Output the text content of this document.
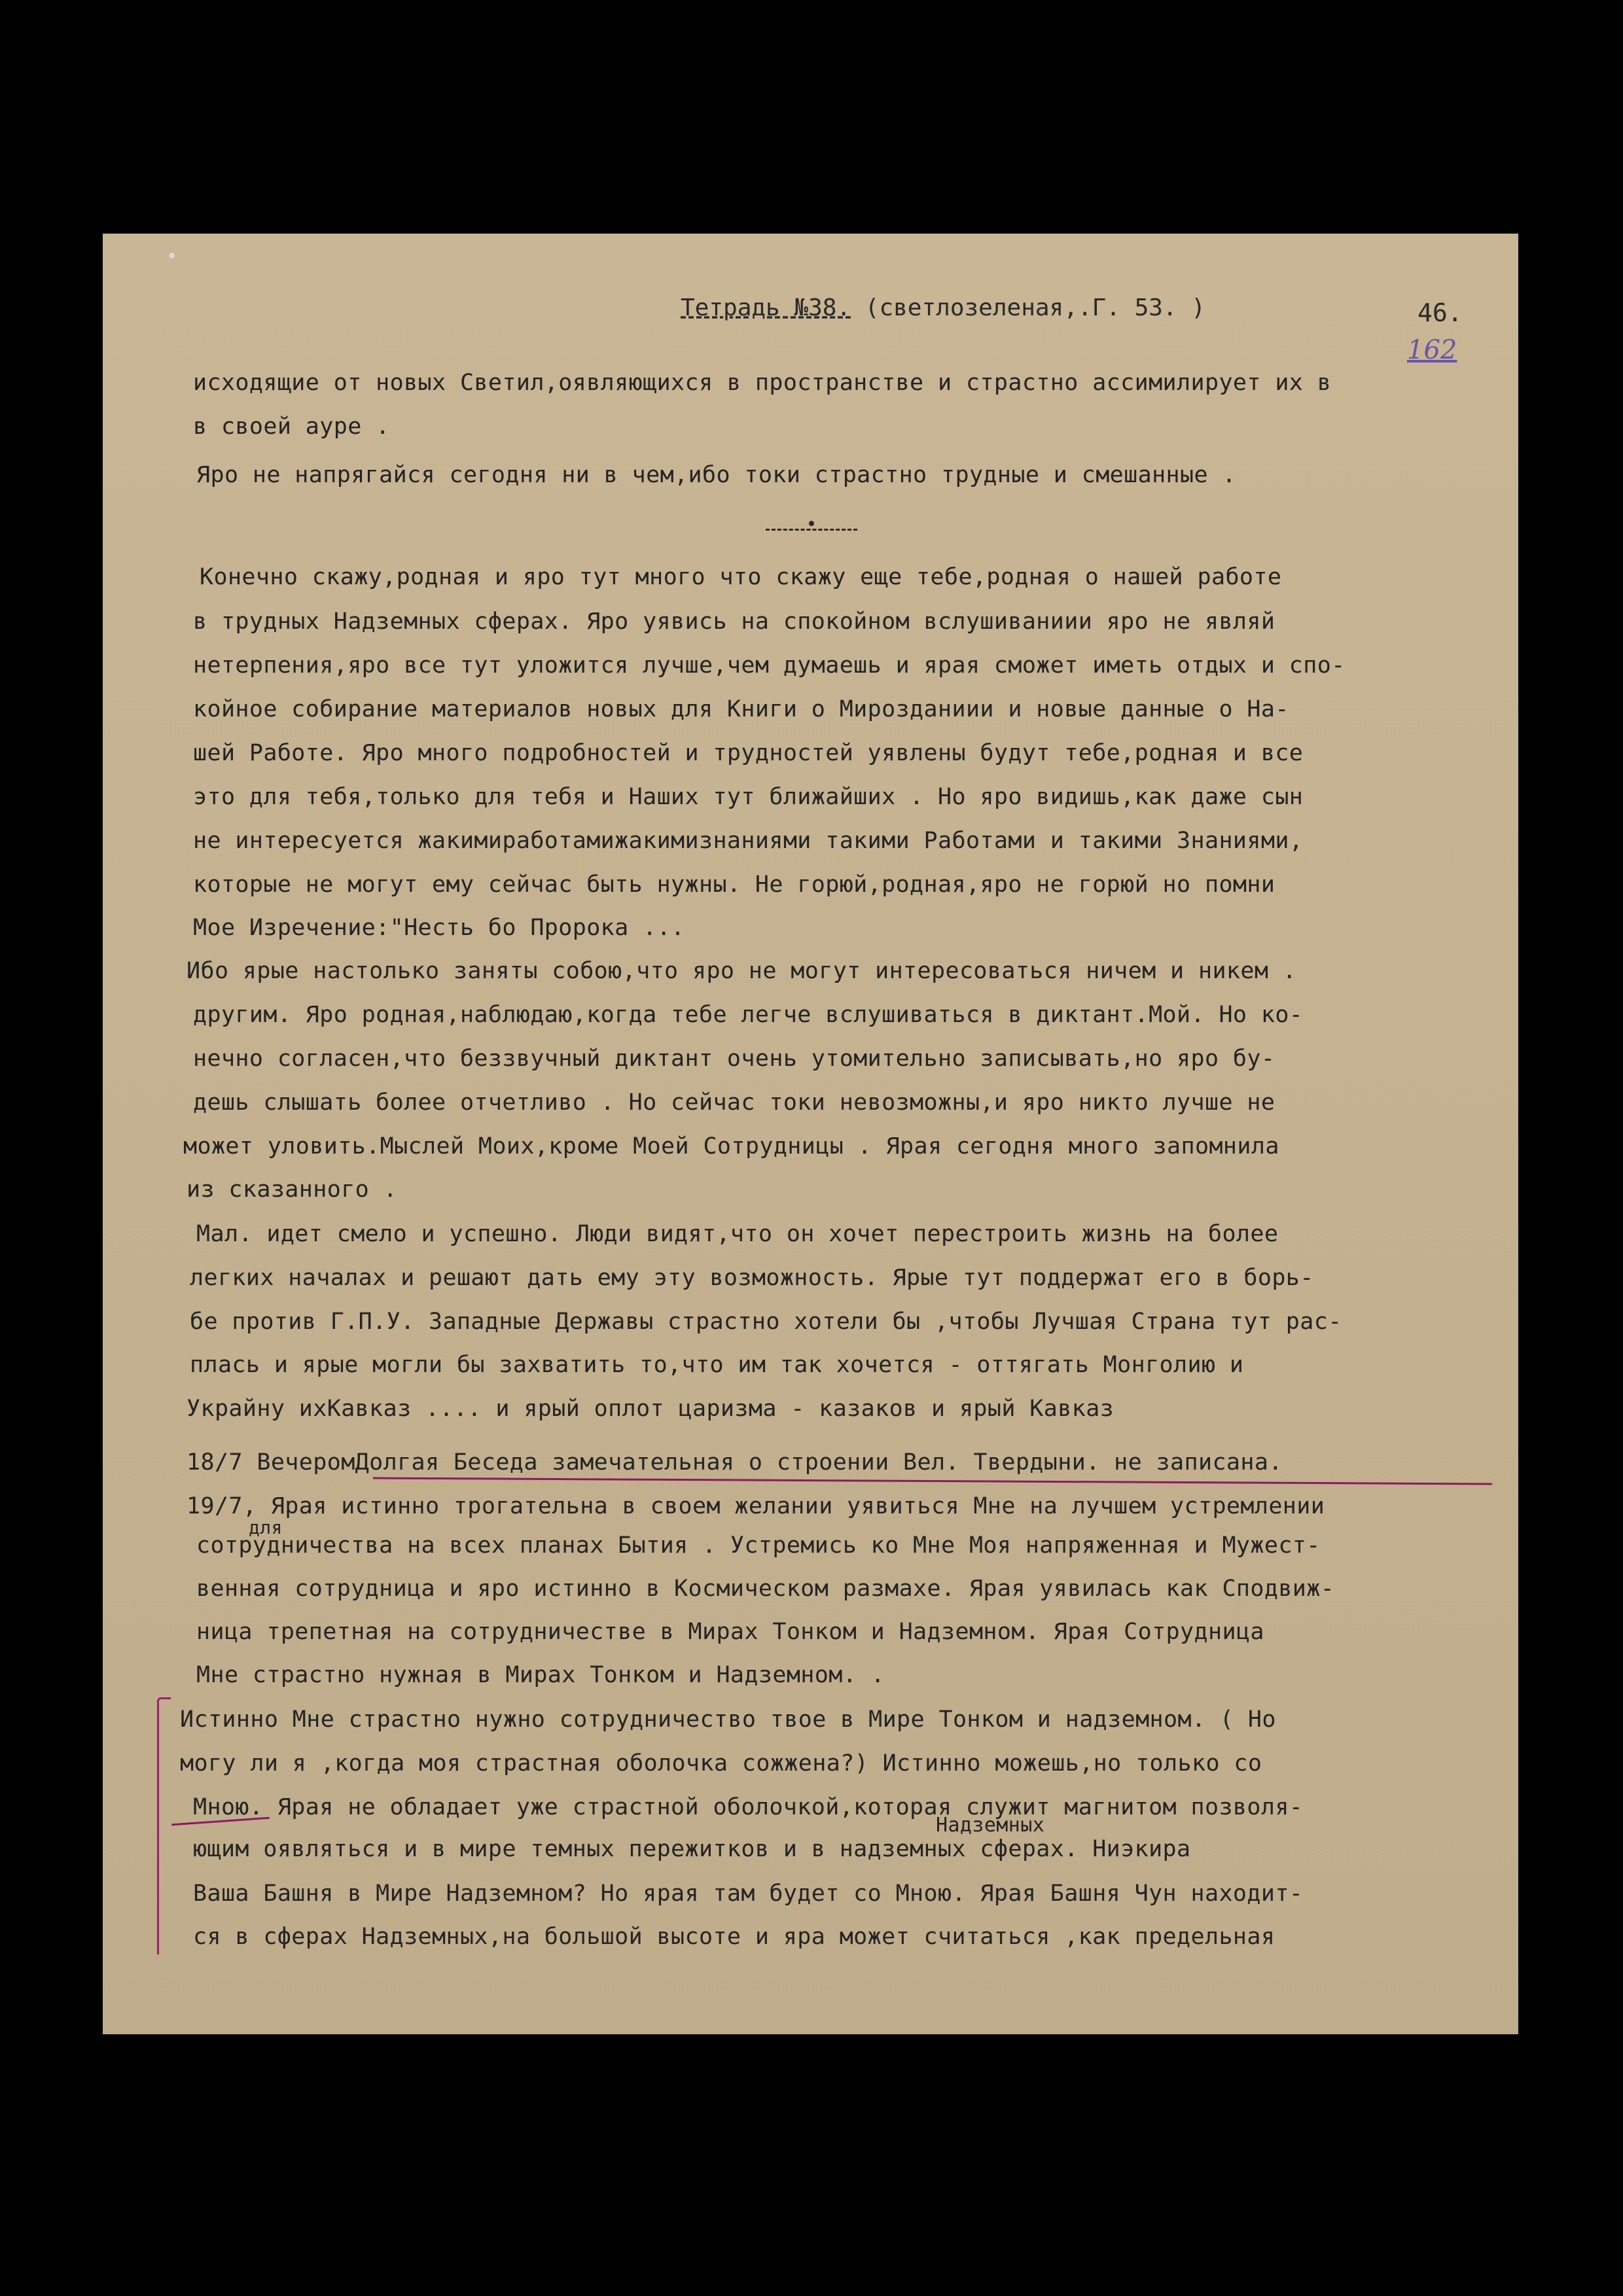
Тетрадь №38. (светлозеленая,.Г. 53. )	46.
162
исходящие от новых Светил,оявляющихся в пространстве и страстно ассимилирует их в
в своей ауре .
Яро не напрягайся сегодня ни в чем,ибо токи страстно трудные и смешанные .
Конечно скажу,родная и яро тут много что скажу еще тебе,родная о нашей работе
в трудных Надземных сферах. Яро уявись на спокойном вслушиваниии яро не являй
нетерпения,яро все тут уложится лучше,чем думаешь и ярая сможет иметь отдых и спо-
койное собирание материалов новых для Книги о Мирозданиии и новые данные о На-
шей Работе. Яро много подробностей и трудностей уявлены будут тебе,родная и все
это для тебя,только для тебя и Наших тут ближайших . Но яро видишь,как даже сын
не интересуется жакимиработамижакимизнаниями такими Работами и такими Знаниями,
которые не могут ему сейчас быть нужны. Не горюй,родная,яро не горюй но помни
Мое Изречение:"Несть бо Пророка ...
Ибо ярые настолько заняты собою,что яро не могут интересоваться ничем и никем .
другим. Яро родная,наблюдаю,когда тебе легче вслушиваться в диктант.Мой. Но ко-
нечно согласен,что беззвучный диктант очень утомительно записывать,но яро бу-
дешь слышать более отчетливо . Но сейчас токи невозможны,и яро никто лучше не
может уловить.Мыслей Моих,кроме Моей Сотрудницы . Ярая сегодня много запомнила
из сказанного .
Мал. идет смело и успешно. Люди видят,что он хочет перестроить жизнь на более
легких началах и решают дать ему эту возможность. Ярые тут поддержат его в борь-
бе против Г.П.У. Западные Державы страстно хотели бы ,чтобы Лучшая Страна тут рас-
плась и ярые могли бы захватить то,что им так хочется - оттягать Монголию и
Украйну ихКавказ .... и ярый оплот царизма - казаков и ярый Кавказ
18/7 ВечеромДолгая Беседа замечательная о строении Вел. Твердыни. не записана.
19/7, Ярая истинно трогательна в своем желании уявиться Мне на лучшем устремлении
для
сотрудничества на всех планах Бытия . Устремись ко Мне Моя напряженная и Мужест-
венная сотрудница и яро истинно в Космическом размахе. Ярая уявилась как Сподвиж-
ница трепетная на сотрудничестве в Мирах Тонком и Надземном. Ярая Сотрудница
Мне страстно нужная в Мирах Тонком и Надземном. .
Истинно Мне страстно нужно сотрудничество твое в Мире Тонком и надземном. ( Но
могу ли я ,когда моя страстная оболочка сожжена?) Истинно можешь,но только со
Мною. Ярая не обладает уже страстной оболочкой,которая служит магнитом позволя-
Надземных
ющим оявляться и в мире темных пережитков и в надземных сферах. Ниэкира
Ваша Башня в Мире Надземном? Но ярая там будет со Мною. Ярая Башня Чун находит-
ся в сферах Надземных,на большой высоте и яра может считаться ,как предельная
